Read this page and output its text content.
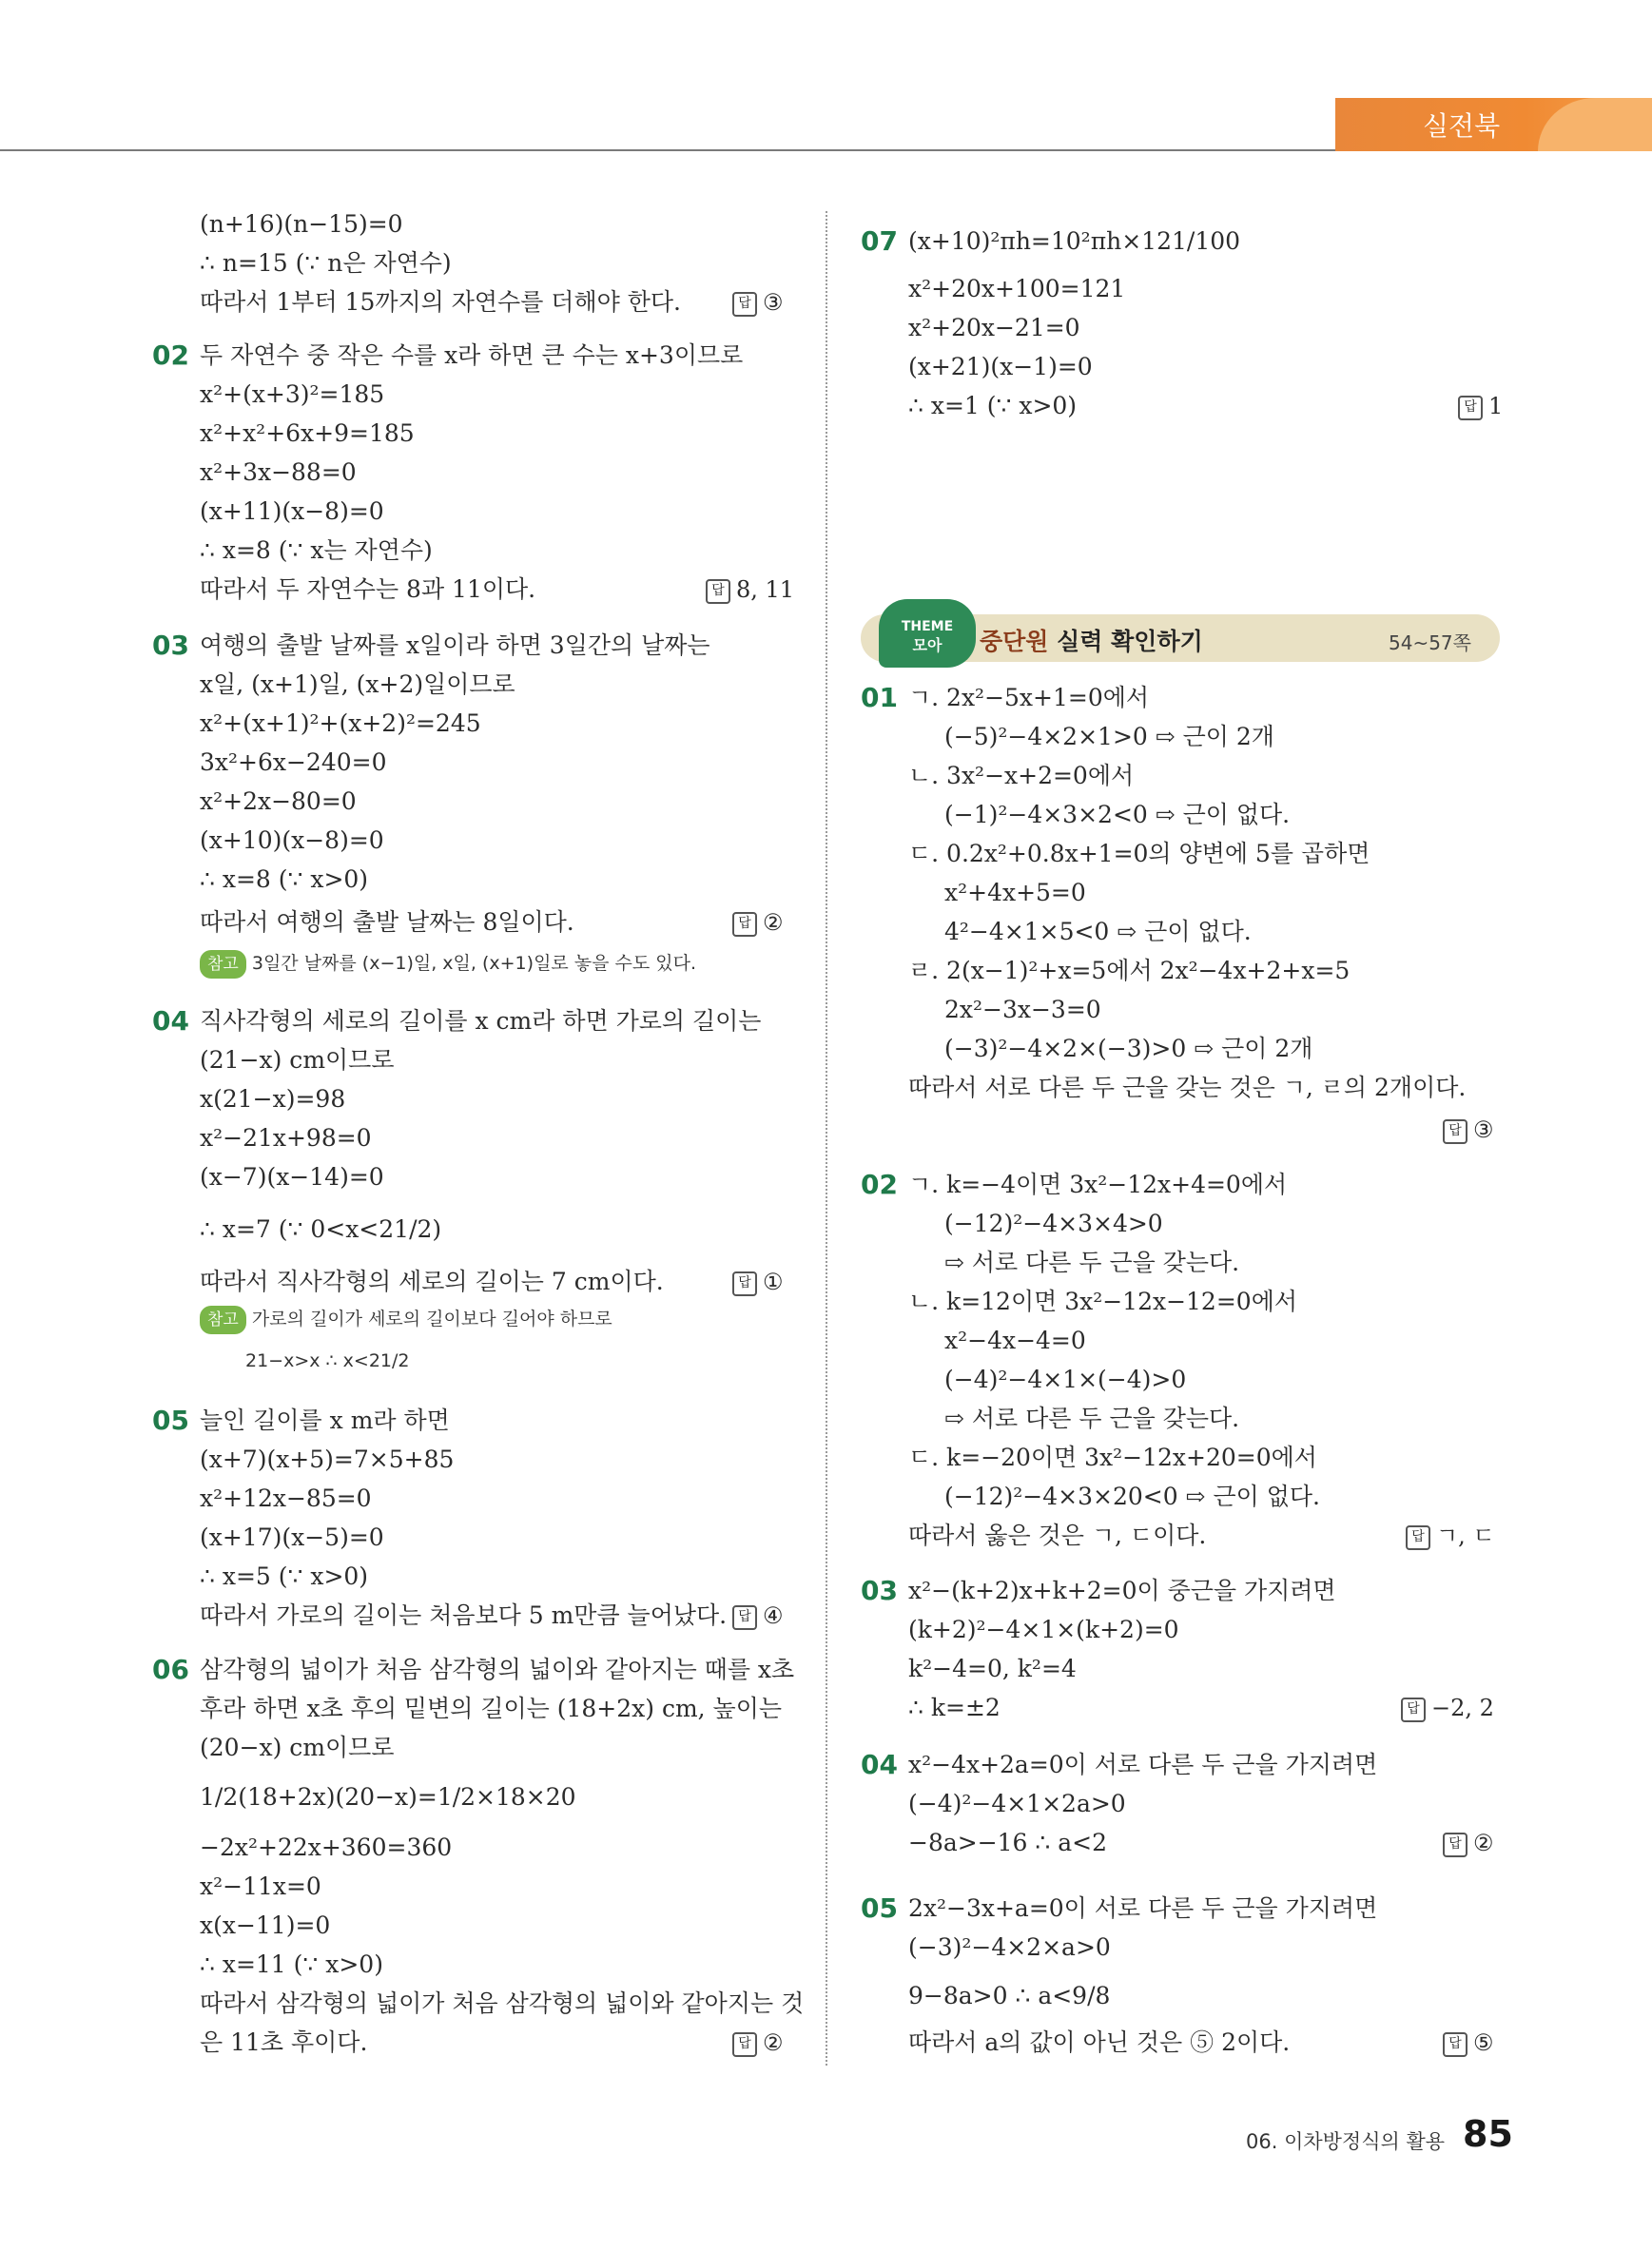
실전북
(n+16)(n−15)=0
∴ n=15 (∵ n은 자연수)
따라서 1부터 15까지의 자연수를 더해야 한다.
02 두 자연수 중 작은 수를 x라 하면 큰 수는 x+3이므로
x²+(x+3)²=185
x²+x²+6x+9=185
x²+3x−88=0
(x+11)(x−8)=0
∴ x=8 (∵ x는 자연수)
따라서 두 자연수는 8과 11이다.
03 여행의 출발 날짜를 x일이라 하면 3일간의 날짜는
x일, (x+1)일, (x+2)일이므로
x²+(x+1)²+(x+2)²=245
3x²+6x−240=0
x²+2x−80=0
(x+10)(x−8)=0
∴ x=8 (∵ x>0)
따라서 여행의 출발 날짜는 8일이다.
참고 3일간 날짜를 (x−1)일, x일, (x+1)일로 놓을 수도 있다.
04 직사각형의 세로의 길이를 x cm라 하면 가로의 길이는
(21−x) cm이므로
x(21−x)=98
x²−21x+98=0
(x−7)(x−14)=0
∴ x=7 (∵ 0<x<21/2)
따라서 직사각형의 세로의 길이는 7 cm이다.
참고 가로의 길이가 세로의 길이보다 길어야 하므로
21−x>x ∴ x<21/2
05 늘인 길이를 x m라 하면
(x+7)(x+5)=7×5+85
x²+12x−85=0
(x+17)(x−5)=0
∴ x=5 (∵ x>0)
따라서 가로의 길이는 처음보다 5 m만큼 늘어났다.
06 삼각형의 넓이가 처음 삼각형의 넓이와 같아지는 때를 x초
후라 하면 x초 후의 밑변의 길이는 (18+2x) cm, 높이는
(20−x) cm이므로
1/2(18+2x)(20−x)=1/2×18×20
−2x²+22x+360=360
x²−11x=0
x(x−11)=0
∴ x=11 (∵ x>0)
따라서 삼각형의 넓이가 처음 삼각형의 넓이와 같아지는 것
은 11초 후이다.
답 ③
답 8, 11
답 ②
답 ①
답 ④
답 ②
07 (x+10)²πh=10²πh×121/100
x²+20x+100=121
x²+20x−21=0
(x+21)(x−1)=0
∴ x=1 (∵ x>0)	답 1
THEME
모아	중단원 실력 확인하기	54~57쪽
01 ㄱ. 2x²−5x+1=0에서
(−5)²−4×2×1>0 ⇨ 근이 2개
ㄴ. 3x²−x+2=0에서
(−1)²−4×3×2<0 ⇨ 근이 없다.
ㄷ. 0.2x²+0.8x+1=0의 양변에 5를 곱하면
x²+4x+5=0
4²−4×1×5<0 ⇨ 근이 없다.
ㄹ. 2(x−1)²+x=5에서 2x²−4x+2+x=5
2x²−3x−3=0
(−3)²−4×2×(−3)>0 ⇨ 근이 2개
따라서 서로 다른 두 근을 갖는 것은 ㄱ, ㄹ의 2개이다.
답 ③
02 ㄱ. k=−4이면 3x²−12x+4=0에서
(−12)²−4×3×4>0
⇨ 서로 다른 두 근을 갖는다.
ㄴ. k=12이면 3x²−12x−12=0에서
x²−4x−4=0
(−4)²−4×1×(−4)>0
⇨ 서로 다른 두 근을 갖는다.
ㄷ. k=−20이면 3x²−12x+20=0에서
(−12)²−4×3×20<0 ⇨ 근이 없다.
따라서 옳은 것은 ㄱ, ㄷ이다.	답 ㄱ, ㄷ
03 x²−(k+2)x+k+2=0이 중근을 가지려면
(k+2)²−4×1×(k+2)=0
k²−4=0, k²=4
∴ k=±2	답 −2, 2
04 x²−4x+2a=0이 서로 다른 두 근을 가지려면
(−4)²−4×1×2a>0
−8a>−16 ∴ a<2	답 ②
05 2x²−3x+a=0이 서로 다른 두 근을 가지려면
(−3)²−4×2×a>0
9−8a>0 ∴ a<9/8
따라서 a의 값이 아닌 것은 ⑤ 2이다.	답 ⑤
06. 이차방정식의 활용 85
